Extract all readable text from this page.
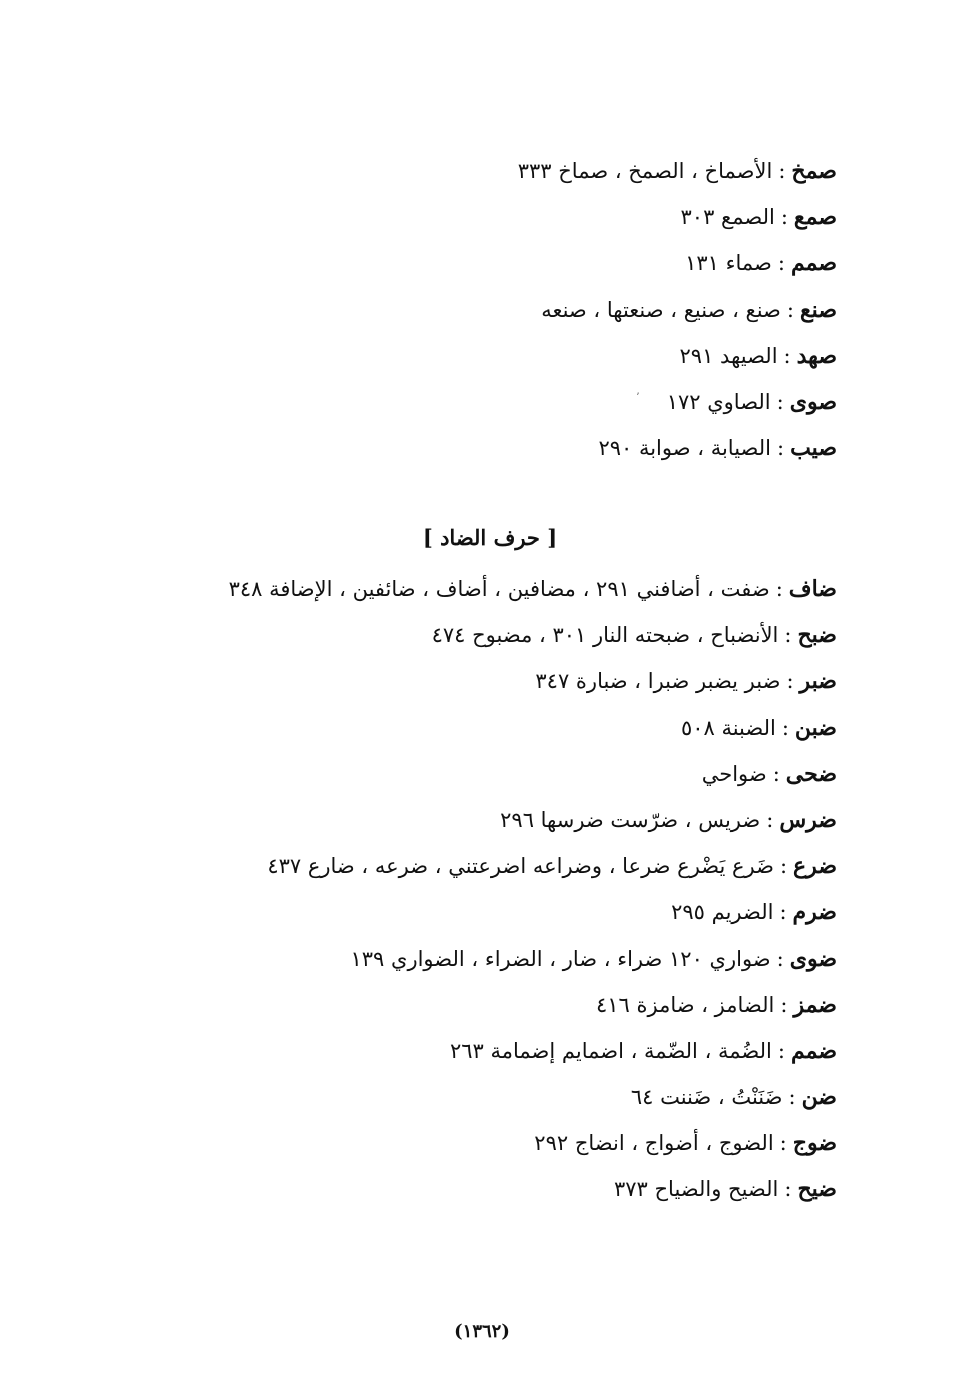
صمخ:الأصماخ ، الصمخ ، صماخ ٣٣٣
صمع:الصمع ٣٠٣
صمم:صماء ١٣١
صنع:صنع ، صنيع ، صنعتها ، صنعه
صهد:الصيهد ٢٩١
صوى:الصاوي ١٧٢
صيب:الصيابة ، صوابة ٢٩٠
ʼ
[ حرف الضاد ]
ضاف:ضفت ، أضافني ٢٩١ ، مضافين ، أضاف ، ضائفين ، الإضافة ٣٤٨
ضبح:الأنضباح ، ضبحته النار ٣٠١ ، مضبوح ٤٧٤
ضبر:ضبر يضبر ضبرا ، ضبارة ٣٤٧
ضبن:الضبنة ٥٠٨
ضحى:ضواحي
ضرس:ضريس ، ضرّست ضرسها ٢٩٦
ضرع:ضَرع يَضْرع ضرعا ، وضراعه اضرعتني ، ضرعه ، ضارع ٤٣٧
ضرم:الضريم ٢٩٥
ضوى:ضواري ١٢٠ ضراء ، ضار ، الضراء ، الضواري ١٣٩
ضمز:الضامز ، ضامزة ٤١٦
ضمم:الضُمة ، الضّمة ، اضمايم إضمامة ٢٦٣
ضن:ضَنَنْتُ ، ضَننت ٦٤
ضوج:الضوج ، أضواج ، انضاج ٢٩٢
ضيح:الضيح والضياح ٣٧٣
(١٣٦٢)
